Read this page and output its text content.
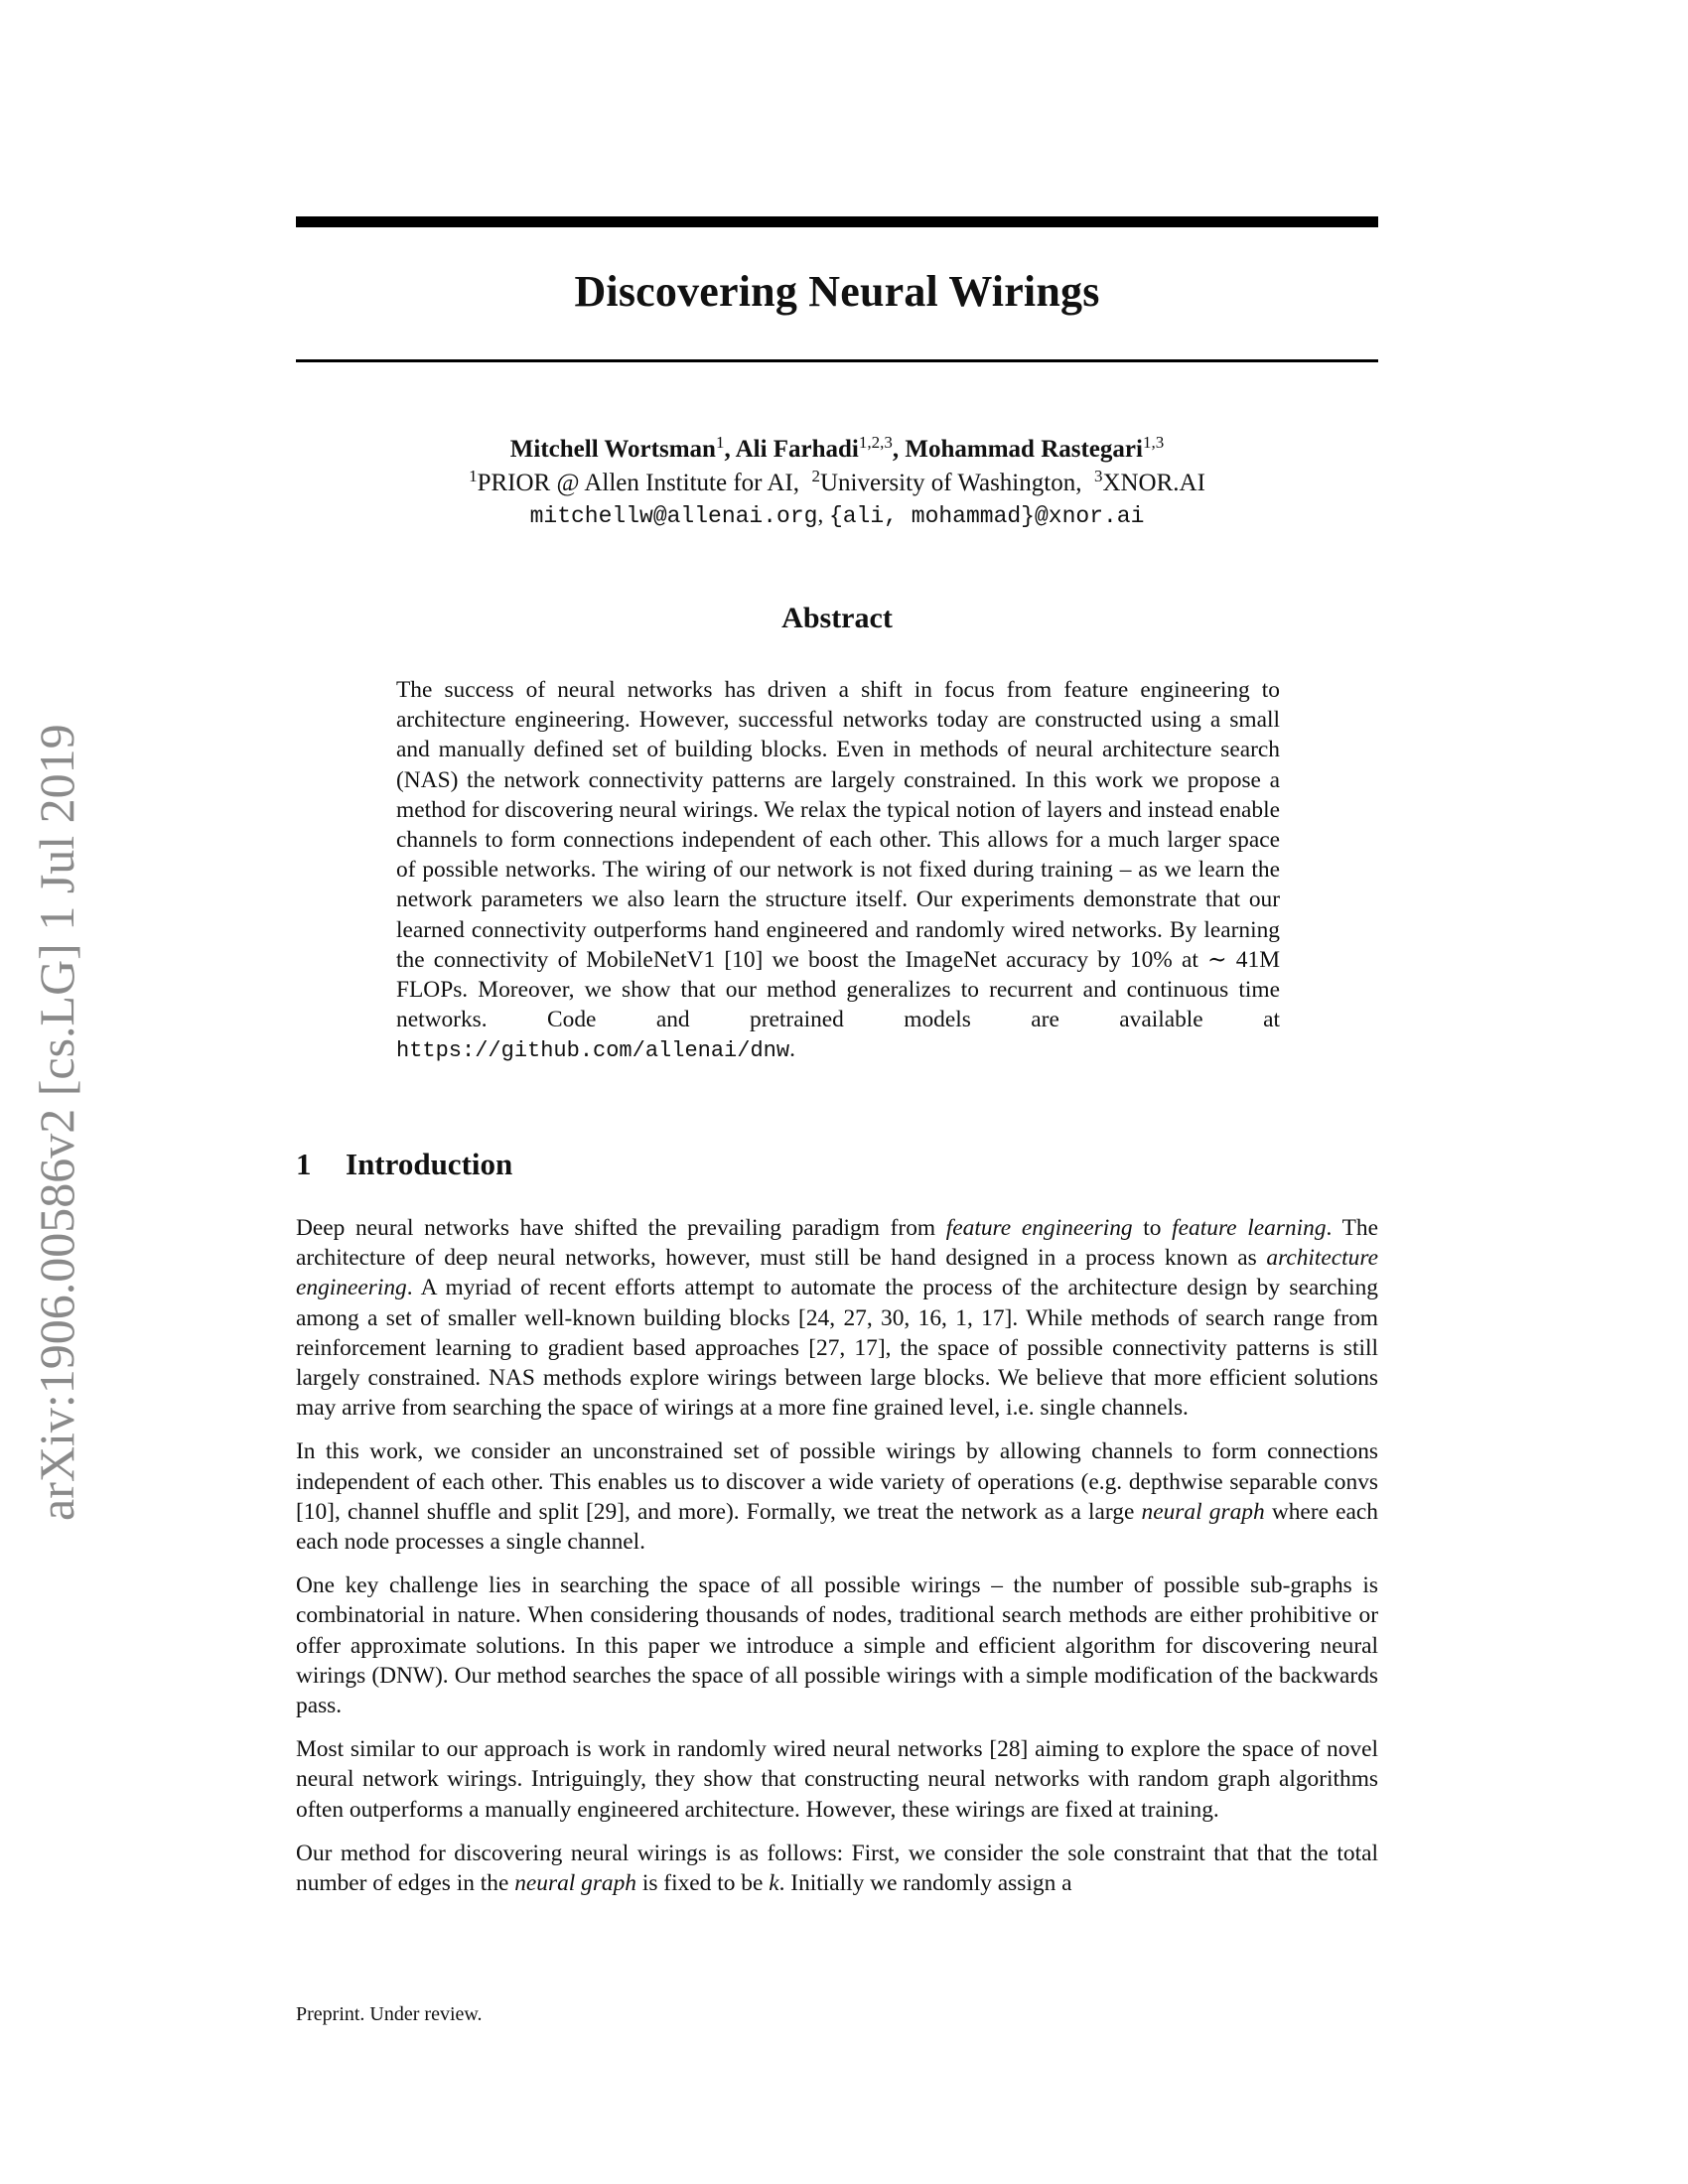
arXiv:1906.00586v2 [cs.LG] 1 Jul 2019
Discovering Neural Wirings
Mitchell Wortsman$^1$, Ali Farhadi$^{1,2,3}$, Mohammad Rastegari$^{1,3}$
$^1$PRIOR @ Allen Institute for AI, $^2$University of Washington, $^3$XNOR.AI
mitchellw@allenai.org, {ali, mohammad}@xnor.ai
Abstract
The success of neural networks has driven a shift in focus from feature engineering to architecture engineering. However, successful networks today are constructed using a small and manually defined set of building blocks. Even in methods of neural architecture search (NAS) the network connectivity patterns are largely constrained. In this work we propose a method for discovering neural wirings. We relax the typical notion of layers and instead enable channels to form connections independent of each other. This allows for a much larger space of possible networks. The wiring of our network is not fixed during training – as we learn the network parameters we also learn the structure itself. Our experiments demonstrate that our learned connectivity outperforms hand engineered and randomly wired networks. By learning the connectivity of MobileNetV1 [10] we boost the ImageNet accuracy by 10% at ∼ 41M FLOPs. Moreover, we show that our method generalizes to recurrent and continuous time networks. Code and pretrained models are available at https://github.com/allenai/dnw.
1 Introduction

Deep neural networks have shifted the prevailing paradigm from feature engineering to feature learning. The architecture of deep neural networks, however, must still be hand designed in a process known as architecture engineering. A myriad of recent efforts attempt to automate the process of the architecture design by searching among a set of smaller well-known building blocks [24, 27, 30, 16, 1, 17]. While methods of search range from reinforcement learning to gradient based approaches [27, 17], the space of possible connectivity patterns is still largely constrained. NAS methods explore wirings between large blocks. We believe that more efficient solutions may arrive from searching the space of wirings at a more fine grained level, i.e. single channels.

In this work, we consider an unconstrained set of possible wirings by allowing channels to form connections independent of each other. This enables us to discover a wide variety of operations (e.g. depthwise separable convs [10], channel shuffle and split [29], and more). Formally, we treat the network as a large neural graph where each each node processes a single channel.

One key challenge lies in searching the space of all possible wirings – the number of possible sub-graphs is combinatorial in nature. When considering thousands of nodes, traditional search methods are either prohibitive or offer approximate solutions. In this paper we introduce a simple and efficient algorithm for discovering neural wirings (DNW). Our method searches the space of all possible wirings with a simple modification of the backwards pass.

Most similar to our approach is work in randomly wired neural networks [28] aiming to explore the space of novel neural network wirings. Intriguingly, they show that constructing neural networks with random graph algorithms often outperforms a manually engineered architecture. However, these wirings are fixed at training.

Our method for discovering neural wirings is as follows: First, we consider the sole constraint that that the total number of edges in the neural graph is fixed to be k. Initially we randomly assign a

Preprint. Under review.
